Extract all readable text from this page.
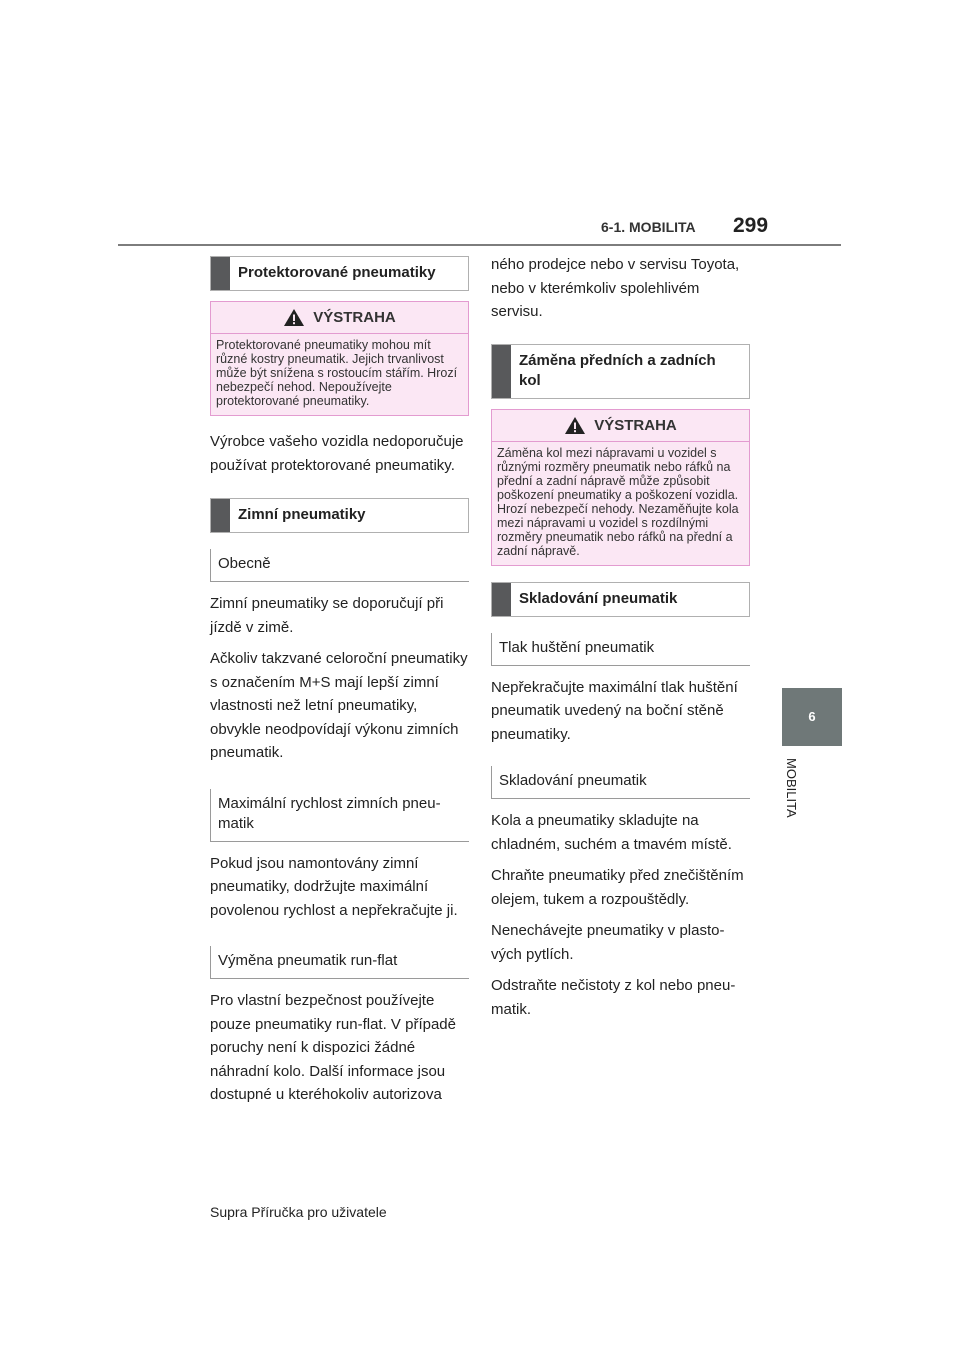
6-1. MOBILITA 299
6
MOBILITA
Protektorované pneumatiky
VÝSTRAHA
Protektorované pneumatiky mohou mít různé kostry pneumatik. Jejich trvanlivost může být snížena s rostoucím stářím. Hrozí nebezpečí nehod. Nepoužívejte protektorované pneumatiky.

Výrobce vašeho vozidla nedoporučuje používat protektorované pneumatiky.

Zimní pneumatiky
Obecně

Zimní pneumatiky se doporučují při jízdě v zimě.

Ačkoliv takzvané celoroční pneumatiky s označením M+S mají lepší zimní vlastnosti než letní pneumatiky, obvykle neodpovídají výkonu zimních pneumatik.

Maximální rychlost zimních pneumatik

Pokud jsou namontovány zimní pneumatiky, dodržujte maximální povolenou rychlost a nepřekračujte ji.

Výměna pneumatik run-flat

Pro vlastní bezpečnost používejte pouze pneumatiky run-flat. V případě poruchy není k dispozici žádné náhradní kolo. Další informace jsou dostupné u kteréhokoliv autorizova

ného prodejce nebo v servisu Toyota, nebo v kterémkoliv spolehlivém servisu.

Záměna předních a zadních kol
VÝSTRAHA
Záměna kol mezi nápravami u vozidel s různými rozměry pneumatik nebo ráfků na přední a zadní nápravě může způsobit poškození pneumatiky a poškození vozidla. Hrozí nebezpečí nehody. Nezaměňujte kola mezi nápravami u vozidel s rozdílnými rozměry pneumatik nebo ráfků na přední a zadní nápravě.
Skladování pneumatik
Tlak huštění pneumatik

Nepřekračujte maximální tlak huštění pneumatik uvedený na boční stěně pneumatiky.

Skladování pneumatik

Kola a pneumatiky skladujte na chladném, suchém a tmavém místě.

Chraňte pneumatiky před znečištěním olejem, tukem a rozpouštědly.

Nenechávejte pneumatiky v plastových pytlích.

Odstraňte nečistoty z kol nebo pneumatik.

Supra Příručka pro uživatele
